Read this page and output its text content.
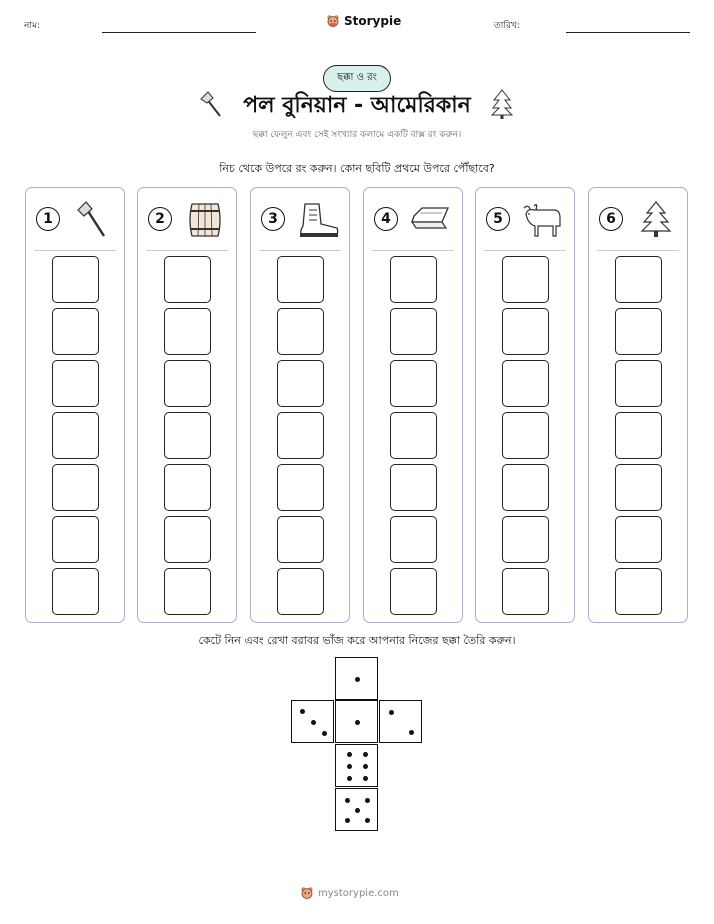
নাম:	Storypie	তারিখ:
ছক্কা ও রং
পল বুনিয়ান - আমেরিকান
ছক্কা ফেলুন এবং সেই সংখ্যার কলামে একটি বাক্স রং করুন।
নিচ থেকে উপরে রং করুন। কোন ছবিটি প্রথমে উপরে পৌঁছাবে?
1	2	3	4	5	6
কেটে নিন এবং রেখা বরাবর ভাঁজ করে আপনার নিজের ছক্কা তৈরি করুন।
mystorypie.com
